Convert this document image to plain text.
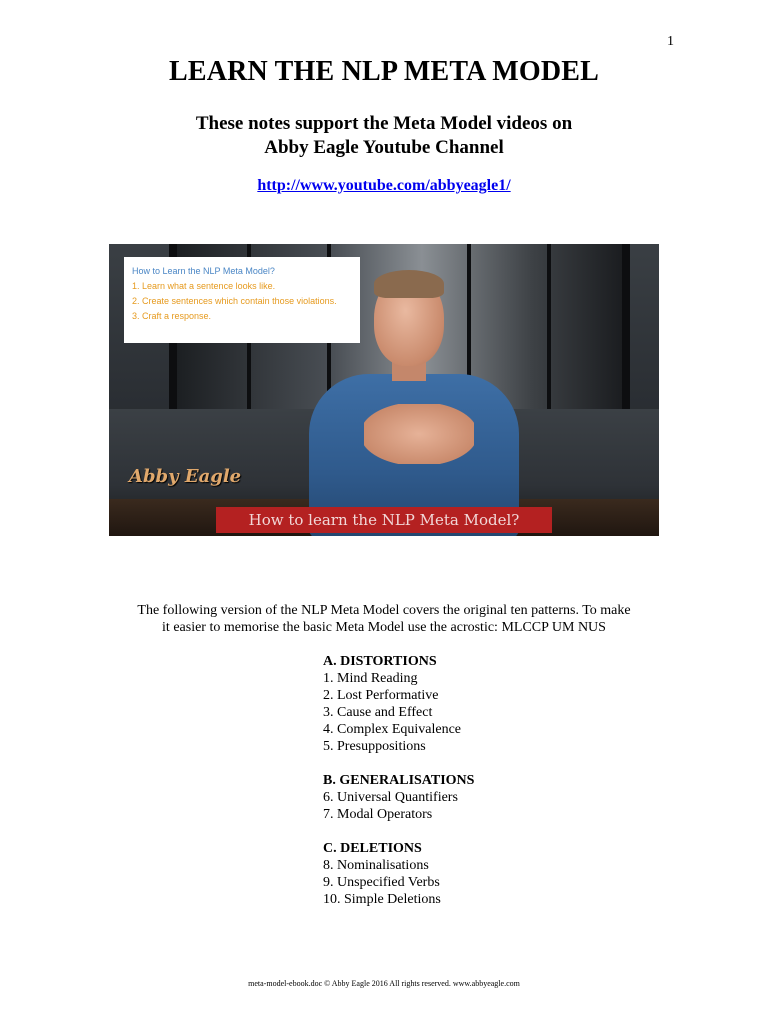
1
LEARN THE NLP META MODEL
These notes support the Meta Model videos on
Abby Eagle Youtube Channel
http://www.youtube.com/abbyeagle1/
How to Learn the NLP Meta Model?
1. Learn what a sentence looks like.
2. Create sentences which contain those violations.
3. Craft a response.
Abby Eagle
How to learn the NLP Meta Model?
The following version of the NLP Meta Model covers the original ten patterns. To make
it easier to memorise the basic Meta Model use the acrostic: MLCCP UM NUS
A. DISTORTIONS
1. Mind Reading
2. Lost Performative
3. Cause and Effect
4. Complex Equivalence
5. Presuppositions
B. GENERALISATIONS
6. Universal Quantifiers
7. Modal Operators
C. DELETIONS
8. Nominalisations
9. Unspecified Verbs
10. Simple Deletions
meta-model-ebook.doc © Abby Eagle 2016 All rights reserved. www.abbyeagle.com
